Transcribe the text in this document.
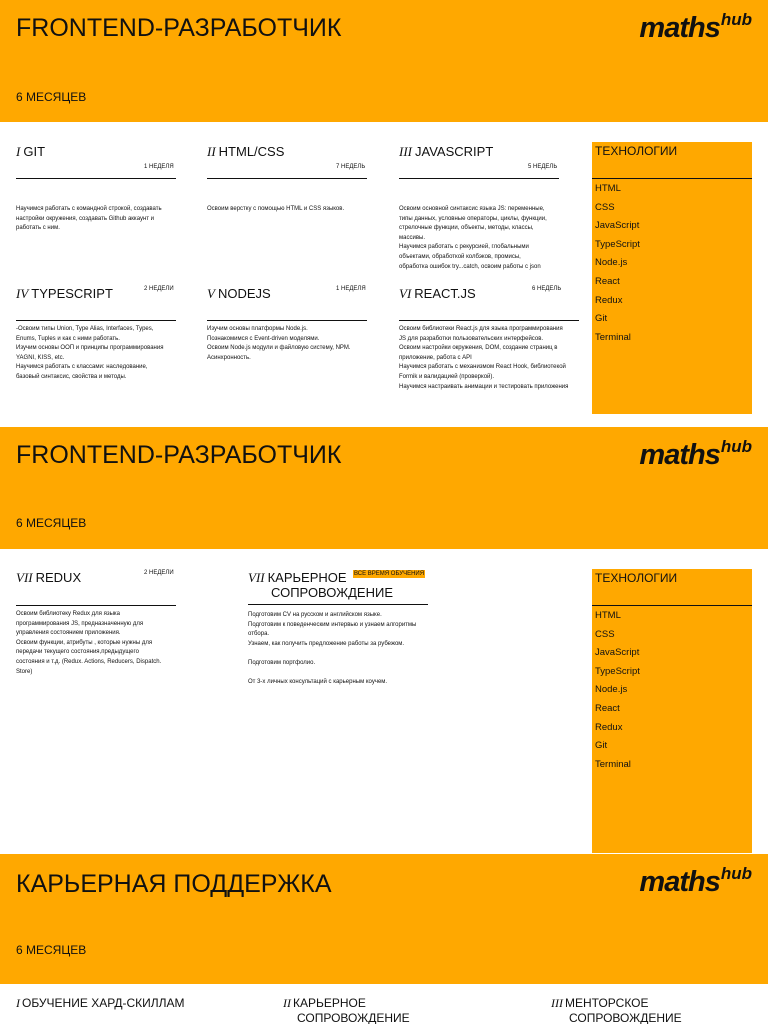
FRONTEND-РАЗРАБОТЧИК
6 МЕСЯЦЕВ
mathshub
I GIT
1 НЕДЕЛЯ
Научимся работать с командной строкой, создавать
настройки окружения, создавать Github аккаунт и
работать с ним.
II HTML/CSS
7 НЕДЕЛЬ
Освоим верстку с помощью HTML и CSS языков.
III JAVASCRIPT
5 НЕДЕЛЬ
Освоим основной синтаксис языка JS: переменные,
типы данных, условные операторы, циклы, функции,
стрелочные функции, объекты, методы, классы,
массивы.
Научимся работать с рекурсией, глобальными
объектами, обработкой колбэков, промисы,
обработка ошибок try...catch, освоим работы с json
IV TYPESCRIPT	2 НЕДЕЛИ
-Освоим типы Union, Type Alias, Interfaces, Types,
Enums, Tuples и как с ними работать.
Изучим основы ООП и принципы программирования
YAGNI, KISS, etc.
Научимся работать с классами: наследование,
базовый синтаксис, свойства и методы.
V NODEJS	1 НЕДЕЛЯ
Изучим основы платформы Node.js.
Познакомимся с Event-driven моделями.
Освоим Node.js модули и файловую систему, NPM.
Асинхронность.
VI REACT.JS	6 НЕДЕЛЬ
Освоим библиотеки React.js для языка программирования
JS для разработки пользовательских интерфейсов.
Освоим настройки окружения, DOM, создание страниц в
приложение, работа с API
Научимся работать с механизмом React Hook, библиотекой
Formik и валидацией (проверкой).
Научимся настраивать анимации и тестировать приложения
ТЕХНОЛОГИИ
HTML
CSS
JavaScript
TypeScript
Node.js
React
Redux
Git
Terminal
FRONTEND-РАЗРАБОТЧИК
6 МЕСЯЦЕВ
mathshub
VII REDUX	2 НЕДЕЛИ
Освоим библиотеку Redux для языка
программирования JS, предназначенную для
управления состоянием приложения.
Освоим функции, атрибуты , которые нужны для
передачи текущего состояния,предыдущего
состояния и т.д. (Redux. Actions, Reducers, Dispatch.
Store)
VII КАРЬЕРНОЕ
СОПРОВОЖДЕНИЕ
ВСЕ ВРЕМЯ ОБУЧЕНИЯ
Подготовим CV на русском и английском языке.
Подготовим к поведенческим интервью и узнаем алгоритмы
отбора.
Узнаем, как получить предложение работы за рубежом.

Подготовим портфолио.

От 3-х личных консультаций с карьерным коучем.
ТЕХНОЛОГИИ
HTML
CSS
JavaScript
TypeScript
Node.js
React
Redux
Git
Terminal
КАРЬЕРНАЯ ПОДДЕРЖКА
6 МЕСЯЦЕВ
mathshub
I ОБУЧЕНИЕ ХАРД-СКИЛЛАМ	II КАРЬЕРНОЕ
СОПРОВОЖДЕНИЕ
III МЕНТОРСКОЕ
СОПРОВОЖДЕНИЕ
